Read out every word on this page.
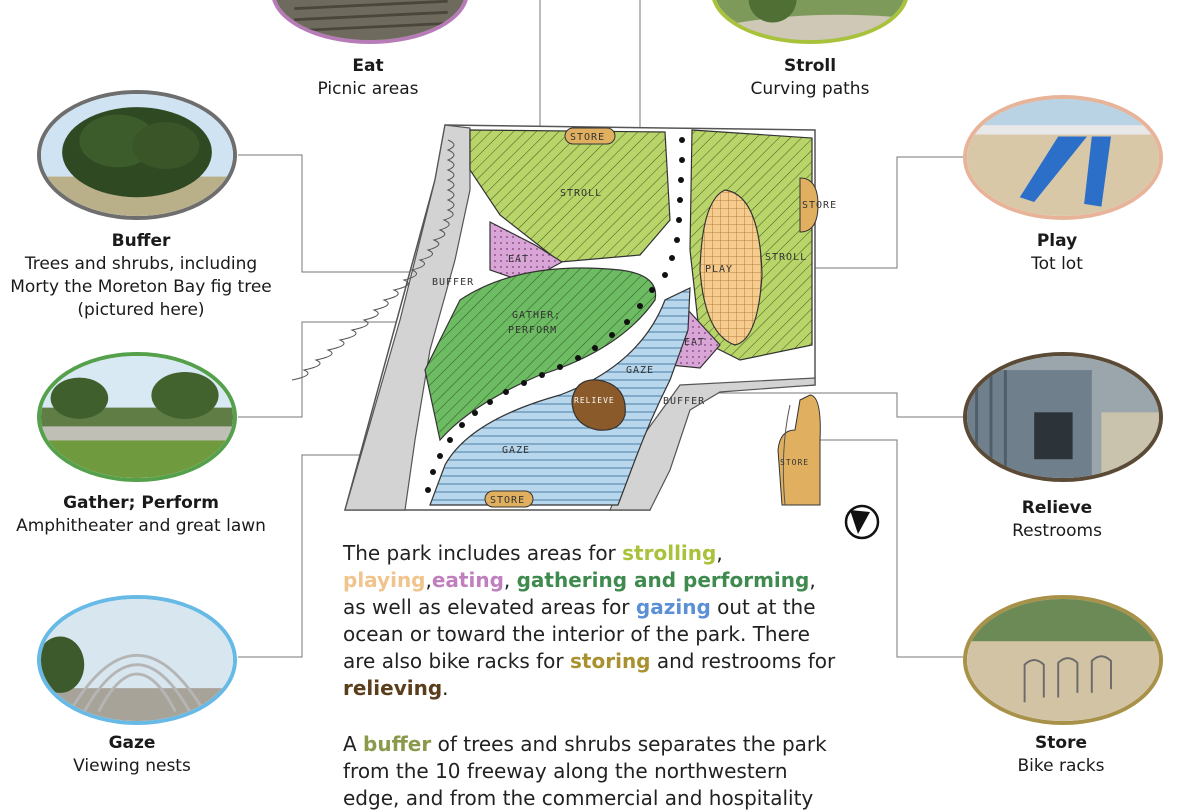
Eat
Picnic areas
Stroll
Curving paths
Buffer
Trees and shrubs, including
Morty the Moreton Bay fig tree
(pictured here)
Play
Tot lot
Gather; Perform
Amphitheater and great lawn
Relieve
Restrooms
Gaze
Viewing nests
Store
Bike racks
STORE
STROLL
STORE
EAT
PLAY
STROLL
BUFFER
GATHER;
PERFORM
EAT
GAZE
RELIEVE	BUFFER
GAZE
STORE
STORE
The park includes areas for strolling, playing,eating, gathering and performing, as well as elevated areas for gazing out at the ocean or toward the interior of the park. There are also bike racks for storing and restrooms for relieving.
A buffer of trees and shrubs separates the park from the 10 freeway along the northwestern edge, and from the commercial and hospitality
